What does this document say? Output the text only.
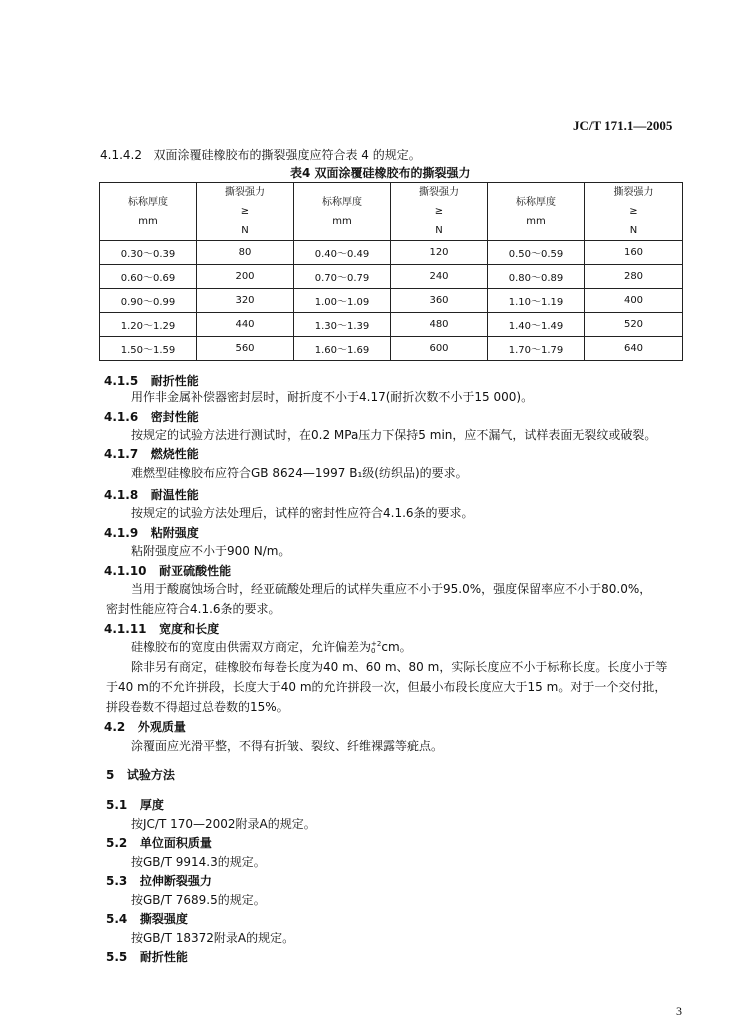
JC/T 171.1—2005
4.1.4.2 双面涂覆硅橡胶布的撕裂强度应符合表 4 的规定。
表4 双面涂覆硅橡胶布的撕裂强力
标称厚度
mm	撕裂强力
≥
N	标称厚度
mm	撕裂强力
≥
N	标称厚度
mm	撕裂强力
≥
N
0.30～0.39	80	0.40～0.49	120	0.50～0.59	160
0.60～0.69	200	0.70～0.79	240	0.80～0.89	280
0.90～0.99	320	1.00～1.09	360	1.10～1.19	400
1.20～1.29	440	1.30～1.39	480	1.40～1.49	520
1.50～1.59	560	1.60～1.69	600	1.70～1.79	640
4.1.5 耐折性能
用作非金属补偿器密封层时，耐折度不小于4.17(耐折次数不小于15 000)。
4.1.6 密封性能
按规定的试验方法进行测试时，在0.2 MPa压力下保持5 min，应不漏气，试样表面无裂纹或破裂。
4.1.7 燃烧性能
难燃型硅橡胶布应符合GB 8624—1997 B₁级(纺织品)的要求。
4.1.8 耐温性能
按规定的试验方法处理后，试样的密封性应符合4.1.6条的要求。
4.1.9 粘附强度
粘附强度应不小于900 N/m。
4.1.10 耐亚硫酸性能
当用于酸腐蚀场合时，经亚硫酸处理后的试样失重应不小于95.0%，强度保留率应不小于80.0%，
密封性能应符合4.1.6条的要求。
4.1.11 宽度和长度
硅橡胶布的宽度由供需双方商定，允许偏差为+2
0 cm。
除非另有商定，硅橡胶布每卷长度为40 m、60 m、80 m，实际长度应不小于标称长度。长度小于等
于40 m的不允许拼段，长度大于40 m的允许拼段一次，但最小布段长度应大于15 m。对于一个交付批，
拼段卷数不得超过总卷数的15%。
4.2 外观质量
涂覆面应光滑平整，不得有折皱、裂纹、纤维裸露等疵点。
5 试验方法
5.1 厚度
按JC/T 170—2002附录A的规定。
5.2 单位面积质量
按GB/T 9914.3的规定。
5.3 拉伸断裂强力
按GB/T 7689.5的规定。
5.4 撕裂强度
按GB/T 18372附录A的规定。
5.5 耐折性能
3
